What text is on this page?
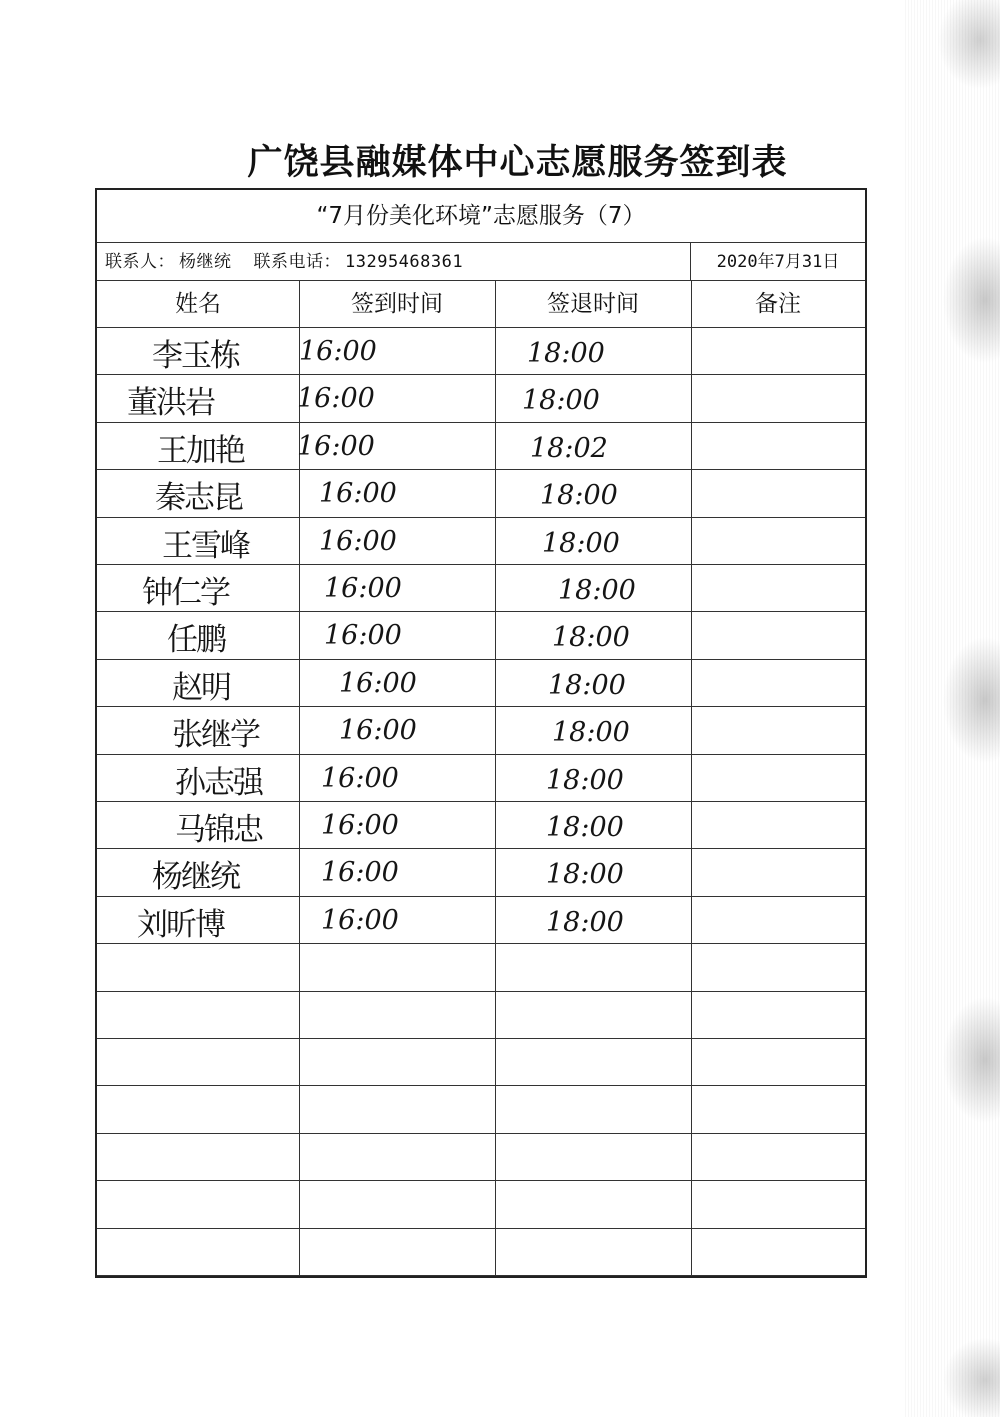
广饶县融媒体中心志愿服务签到表
“7月份美化环境”志愿服务（7）
联系人： 杨继统 联系电话： 13295468361	2020年7月31日
姓名	签到时间	签退时间	备注
李玉栋 16:00	18:00
董洪岩	16:00	18:00
王加艳 16:00	18:02
秦志昆	16:00	18:00
王雪峰	16:00	18:00
钟仁学	16:00	18:00
任鹏	16:00	18:00
赵明	16:00	18:00
张继学	16:00	18:00
孙志强 16:00	18:00
马锦忠 16:00	18:00
杨继统	16:00	18:00
刘昕博	16:00	18:00
